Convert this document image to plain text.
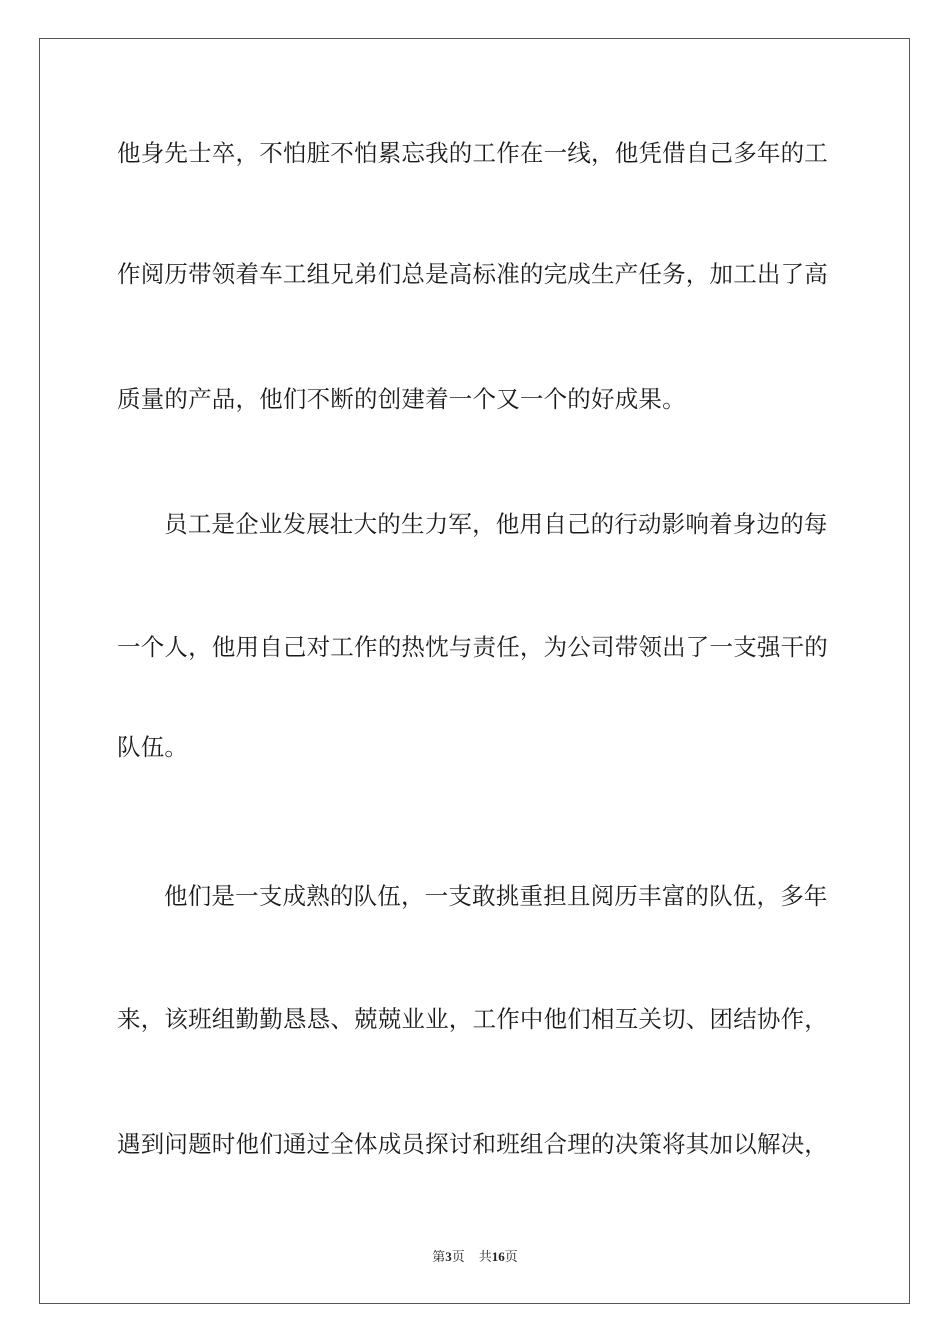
他身先士卒，不怕脏不怕累忘我的工作在一线，他凭借自己多年的工
作阅历带领着车工组兄弟们总是高标准的完成生产任务，加工出了高
质量的产品，他们不断的创建着一个又一个的好成果。
员工是企业发展壮大的生力军，他用自己的行动影响着身边的每
一个人，他用自己对工作的热忱与责任，为公司带领出了一支强干的
队伍。
他们是一支成熟的队伍，一支敢挑重担且阅历丰富的队伍，多年
来，该班组勤勤恳恳、兢兢业业，工作中他们相互关切、团结协作，
遇到问题时他们通过全体成员探讨和班组合理的决策将其加以解决，
第3页 共16页
